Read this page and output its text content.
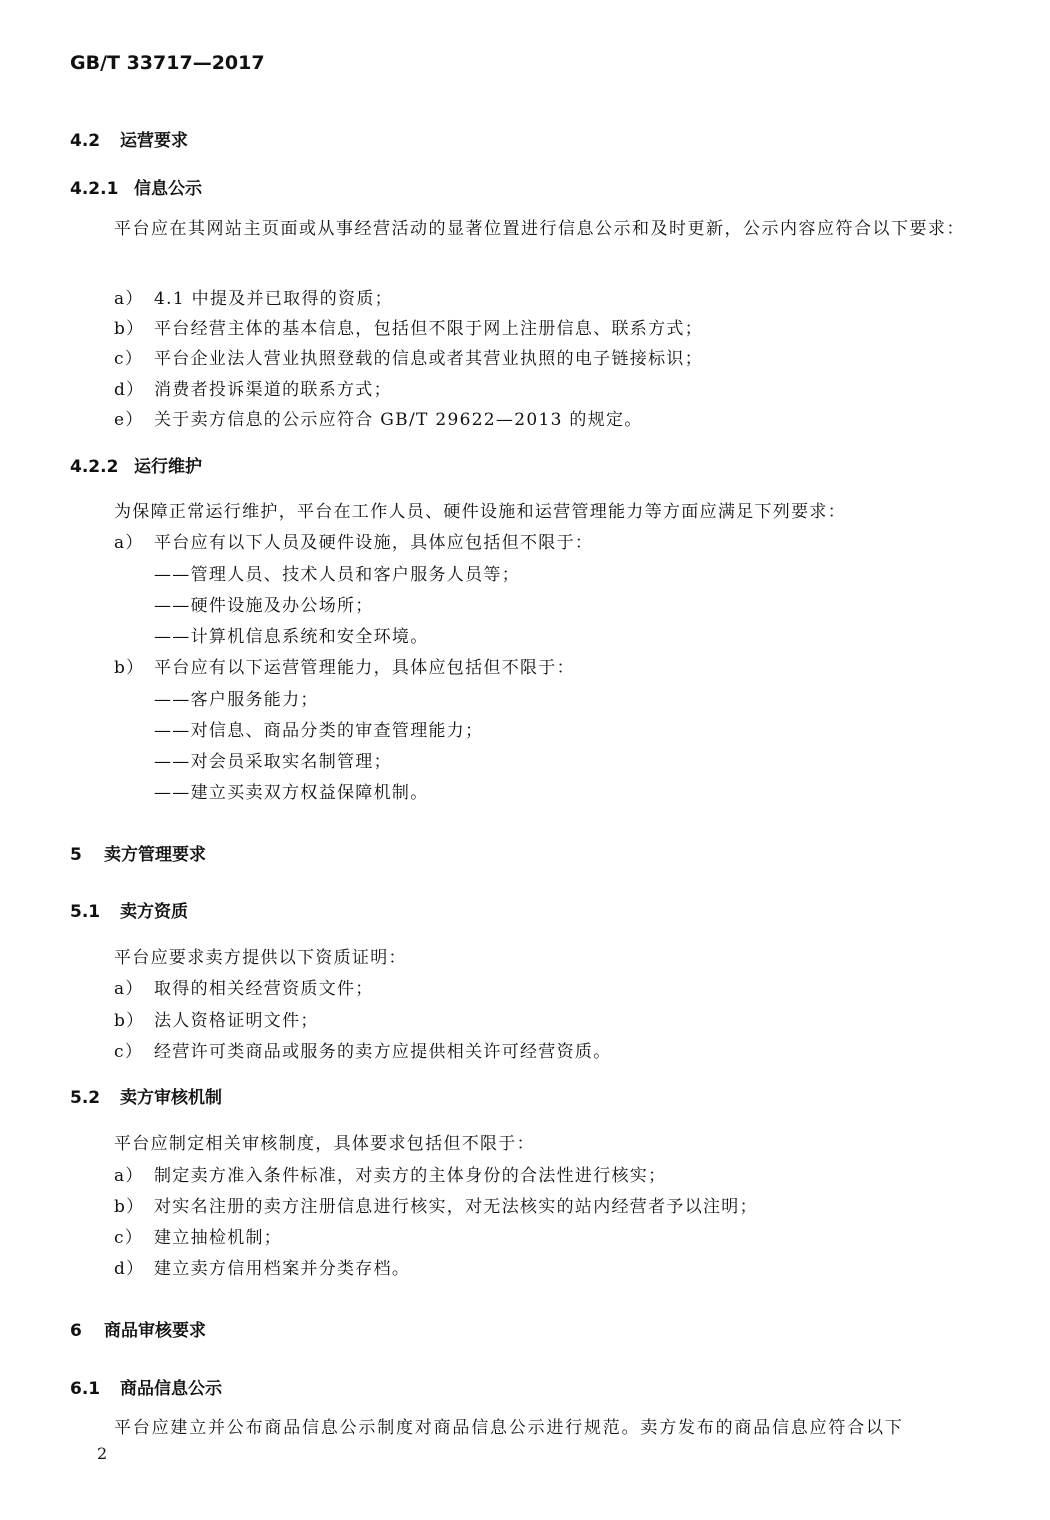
GB/T 33717—2017
4.2 运营要求
4.2.1 信息公示
平台应在其网站主页面或从事经营活动的显著位置进行信息公示和及时更新，公示内容应符合以下要求：
a） 4.1 中提及并已取得的资质；
b） 平台经营主体的基本信息，包括但不限于网上注册信息、联系方式；
c） 平台企业法人营业执照登载的信息或者其营业执照的电子链接标识；
d） 消费者投诉渠道的联系方式；
e） 关于卖方信息的公示应符合 GB/T 29622—2013 的规定。
4.2.2 运行维护
为保障正常运行维护，平台在工作人员、硬件设施和运营管理能力等方面应满足下列要求：
a） 平台应有以下人员及硬件设施，具体应包括但不限于：
——管理人员、技术人员和客户服务人员等；
——硬件设施及办公场所；
——计算机信息系统和安全环境。
b） 平台应有以下运营管理能力，具体应包括但不限于：
——客户服务能力；
——对信息、商品分类的审查管理能力；
——对会员采取实名制管理；
——建立买卖双方权益保障机制。
5 卖方管理要求
5.1 卖方资质
平台应要求卖方提供以下资质证明：
a） 取得的相关经营资质文件；
b） 法人资格证明文件；
c） 经营许可类商品或服务的卖方应提供相关许可经营资质。
5.2 卖方审核机制
平台应制定相关审核制度，具体要求包括但不限于：
a） 制定卖方准入条件标准，对卖方的主体身份的合法性进行核实；
b） 对实名注册的卖方注册信息进行核实，对无法核实的站内经营者予以注明；
c） 建立抽检机制；
d） 建立卖方信用档案并分类存档。
6 商品审核要求
6.1 商品信息公示
平台应建立并公布商品信息公示制度对商品信息公示进行规范。卖方发布的商品信息应符合以下
2
